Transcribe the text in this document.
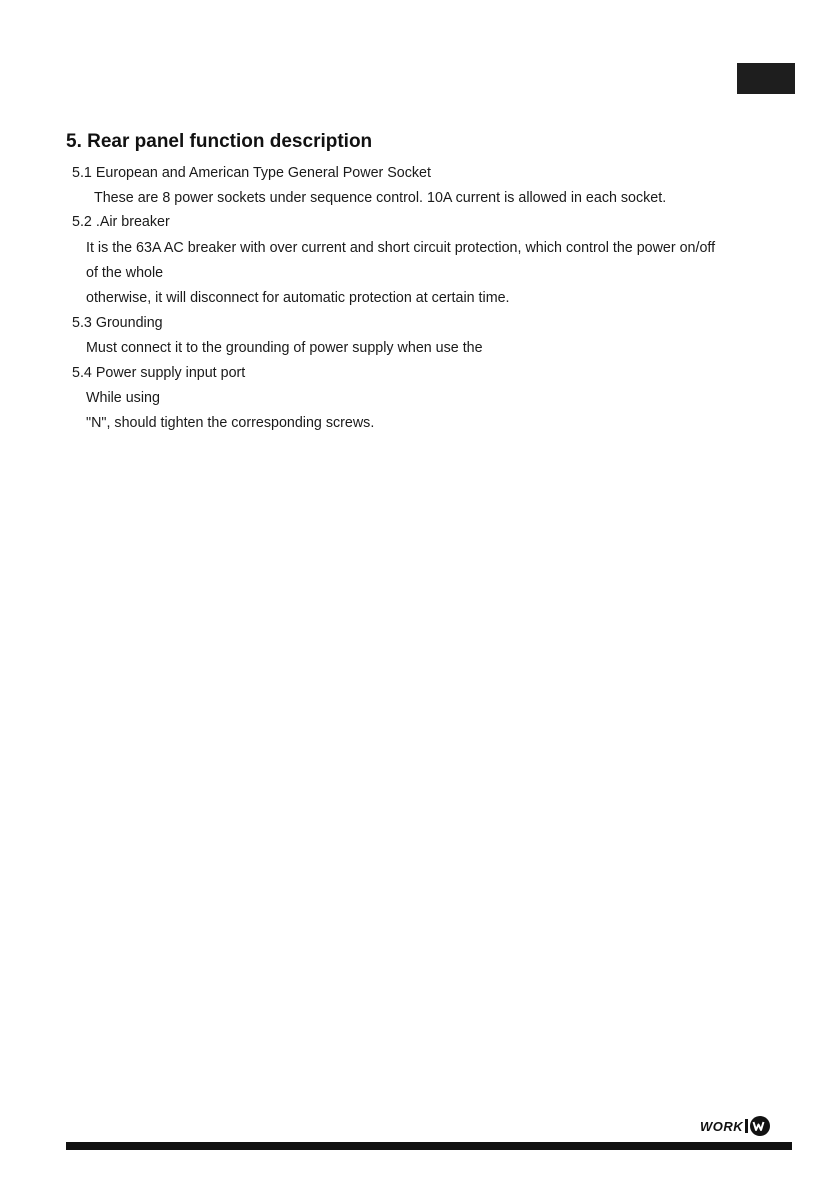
5. Rear panel function description

5.1 European and American Type General Power Socket

These are 8 power sockets under sequence control. 10A current is allowed in each socket.

5.2 .Air breaker

It is the 63A AC breaker with over current and short circuit protection, which control the power on/off

of the whole

otherwise, it will disconnect for automatic protection at certain time.

5.3 Grounding

Must connect it to the grounding of power supply when use the

5.4 Power supply input port

While using

"N", should tighten the corresponding screws.

WORK
